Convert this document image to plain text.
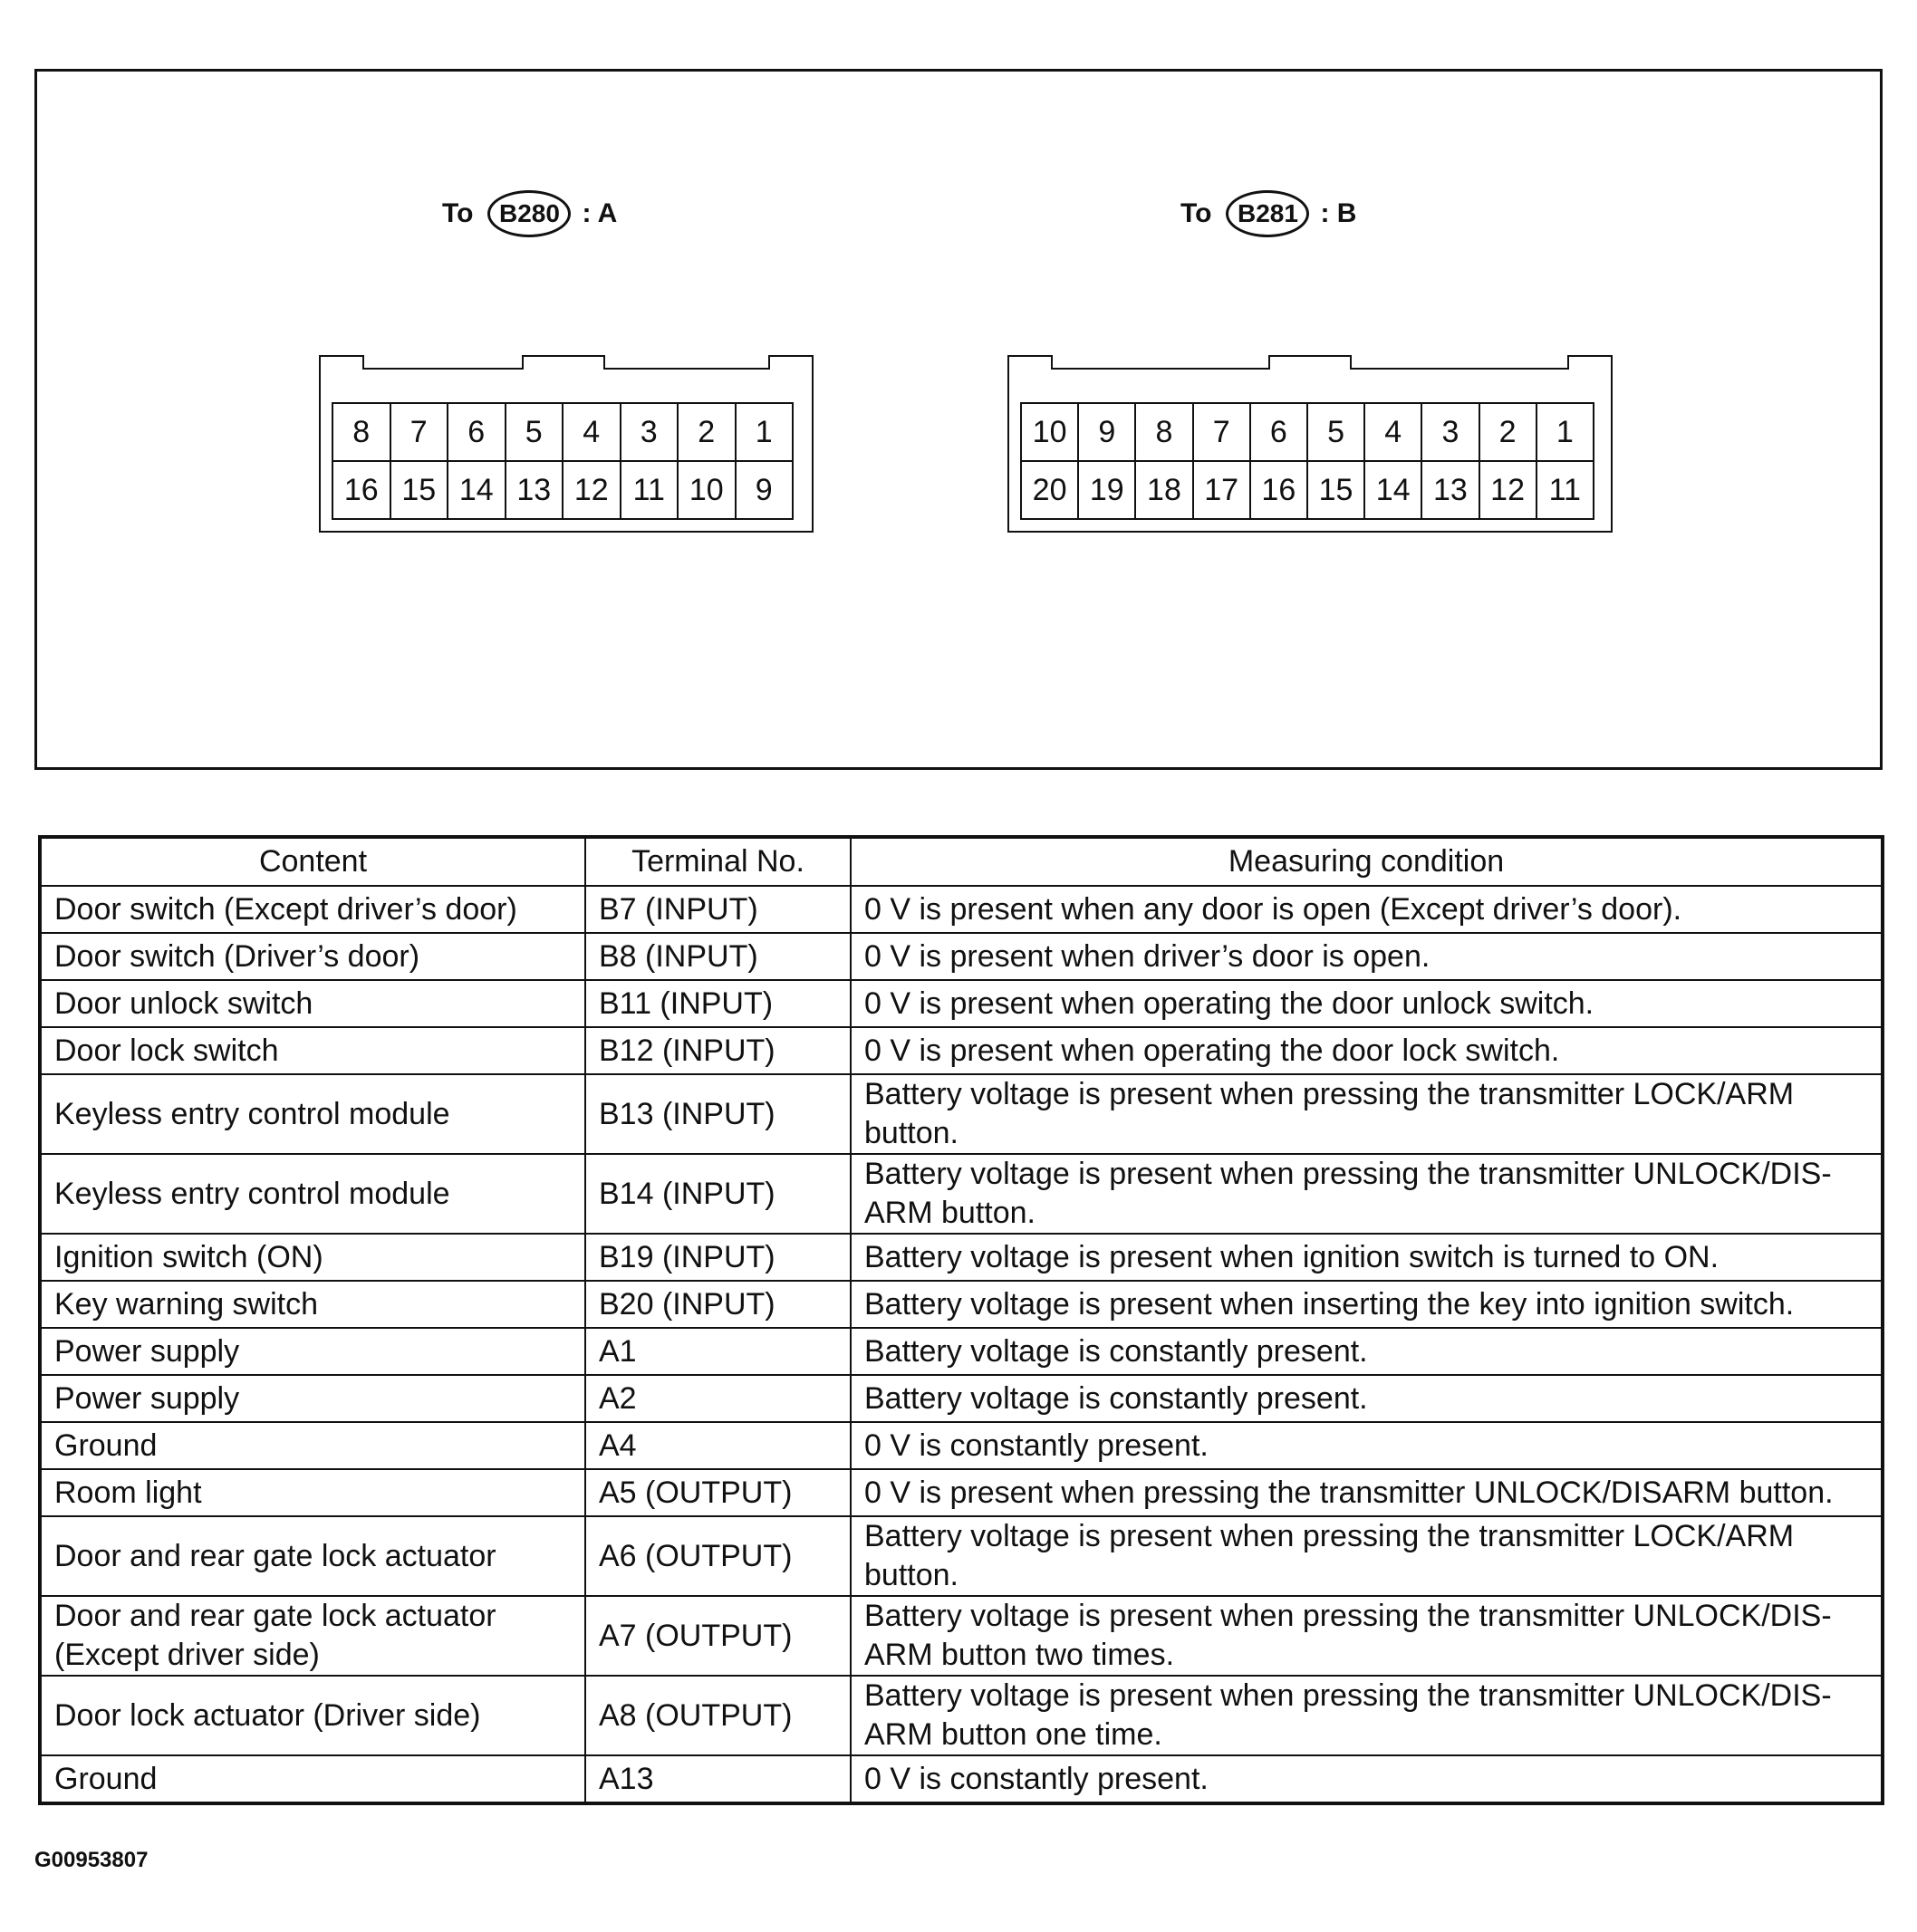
To	B280 : A	To	B281 : B
8	7	6	5	4	3	2	1
16 15 14 13 12 11 10	9
10	9	8	7	6	5	4	3	2	1
20 19 18 17 16 15 14 13 12 11
Content	Terminal No.	Measuring condition
Door switch (Except driver’s door)	B7 (INPUT)	0 V is present when any door is open (Except driver’s door).
Door switch (Driver’s door)	B8 (INPUT)	0 V is present when driver’s door is open.
Door unlock switch	B11 (INPUT)	0 V is present when operating the door unlock switch.
Door lock switch	B12 (INPUT)	0 V is present when operating the door lock switch.
Keyless entry control module	B13 (INPUT)	Battery voltage is present when pressing the transmitter LOCK/ARM button.
Keyless entry control module	B14 (INPUT)	Battery voltage is present when pressing the transmitter UNLOCK/DIS-ARM button.
Ignition switch (ON)	B19 (INPUT)	Battery voltage is present when ignition switch is turned to ON.
Key warning switch	B20 (INPUT)	Battery voltage is present when inserting the key into ignition switch.
Power supply	A1	Battery voltage is constantly present.
Power supply	A2	Battery voltage is constantly present.
Ground	A4	0 V is constantly present.
Room light	A5 (OUTPUT)	0 V is present when pressing the transmitter UNLOCK/DISARM button.
Door and rear gate lock actuator	A6 (OUTPUT)	Battery voltage is present when pressing the transmitter LOCK/ARM button.
Door and rear gate lock actuator (Except driver side)	A7 (OUTPUT)	Battery voltage is present when pressing the transmitter UNLOCK/DIS-ARM button two times.
Door lock actuator (Driver side)	A8 (OUTPUT)	Battery voltage is present when pressing the transmitter UNLOCK/DIS-ARM button one time.
Ground	A13	0 V is constantly present.
G00953807
